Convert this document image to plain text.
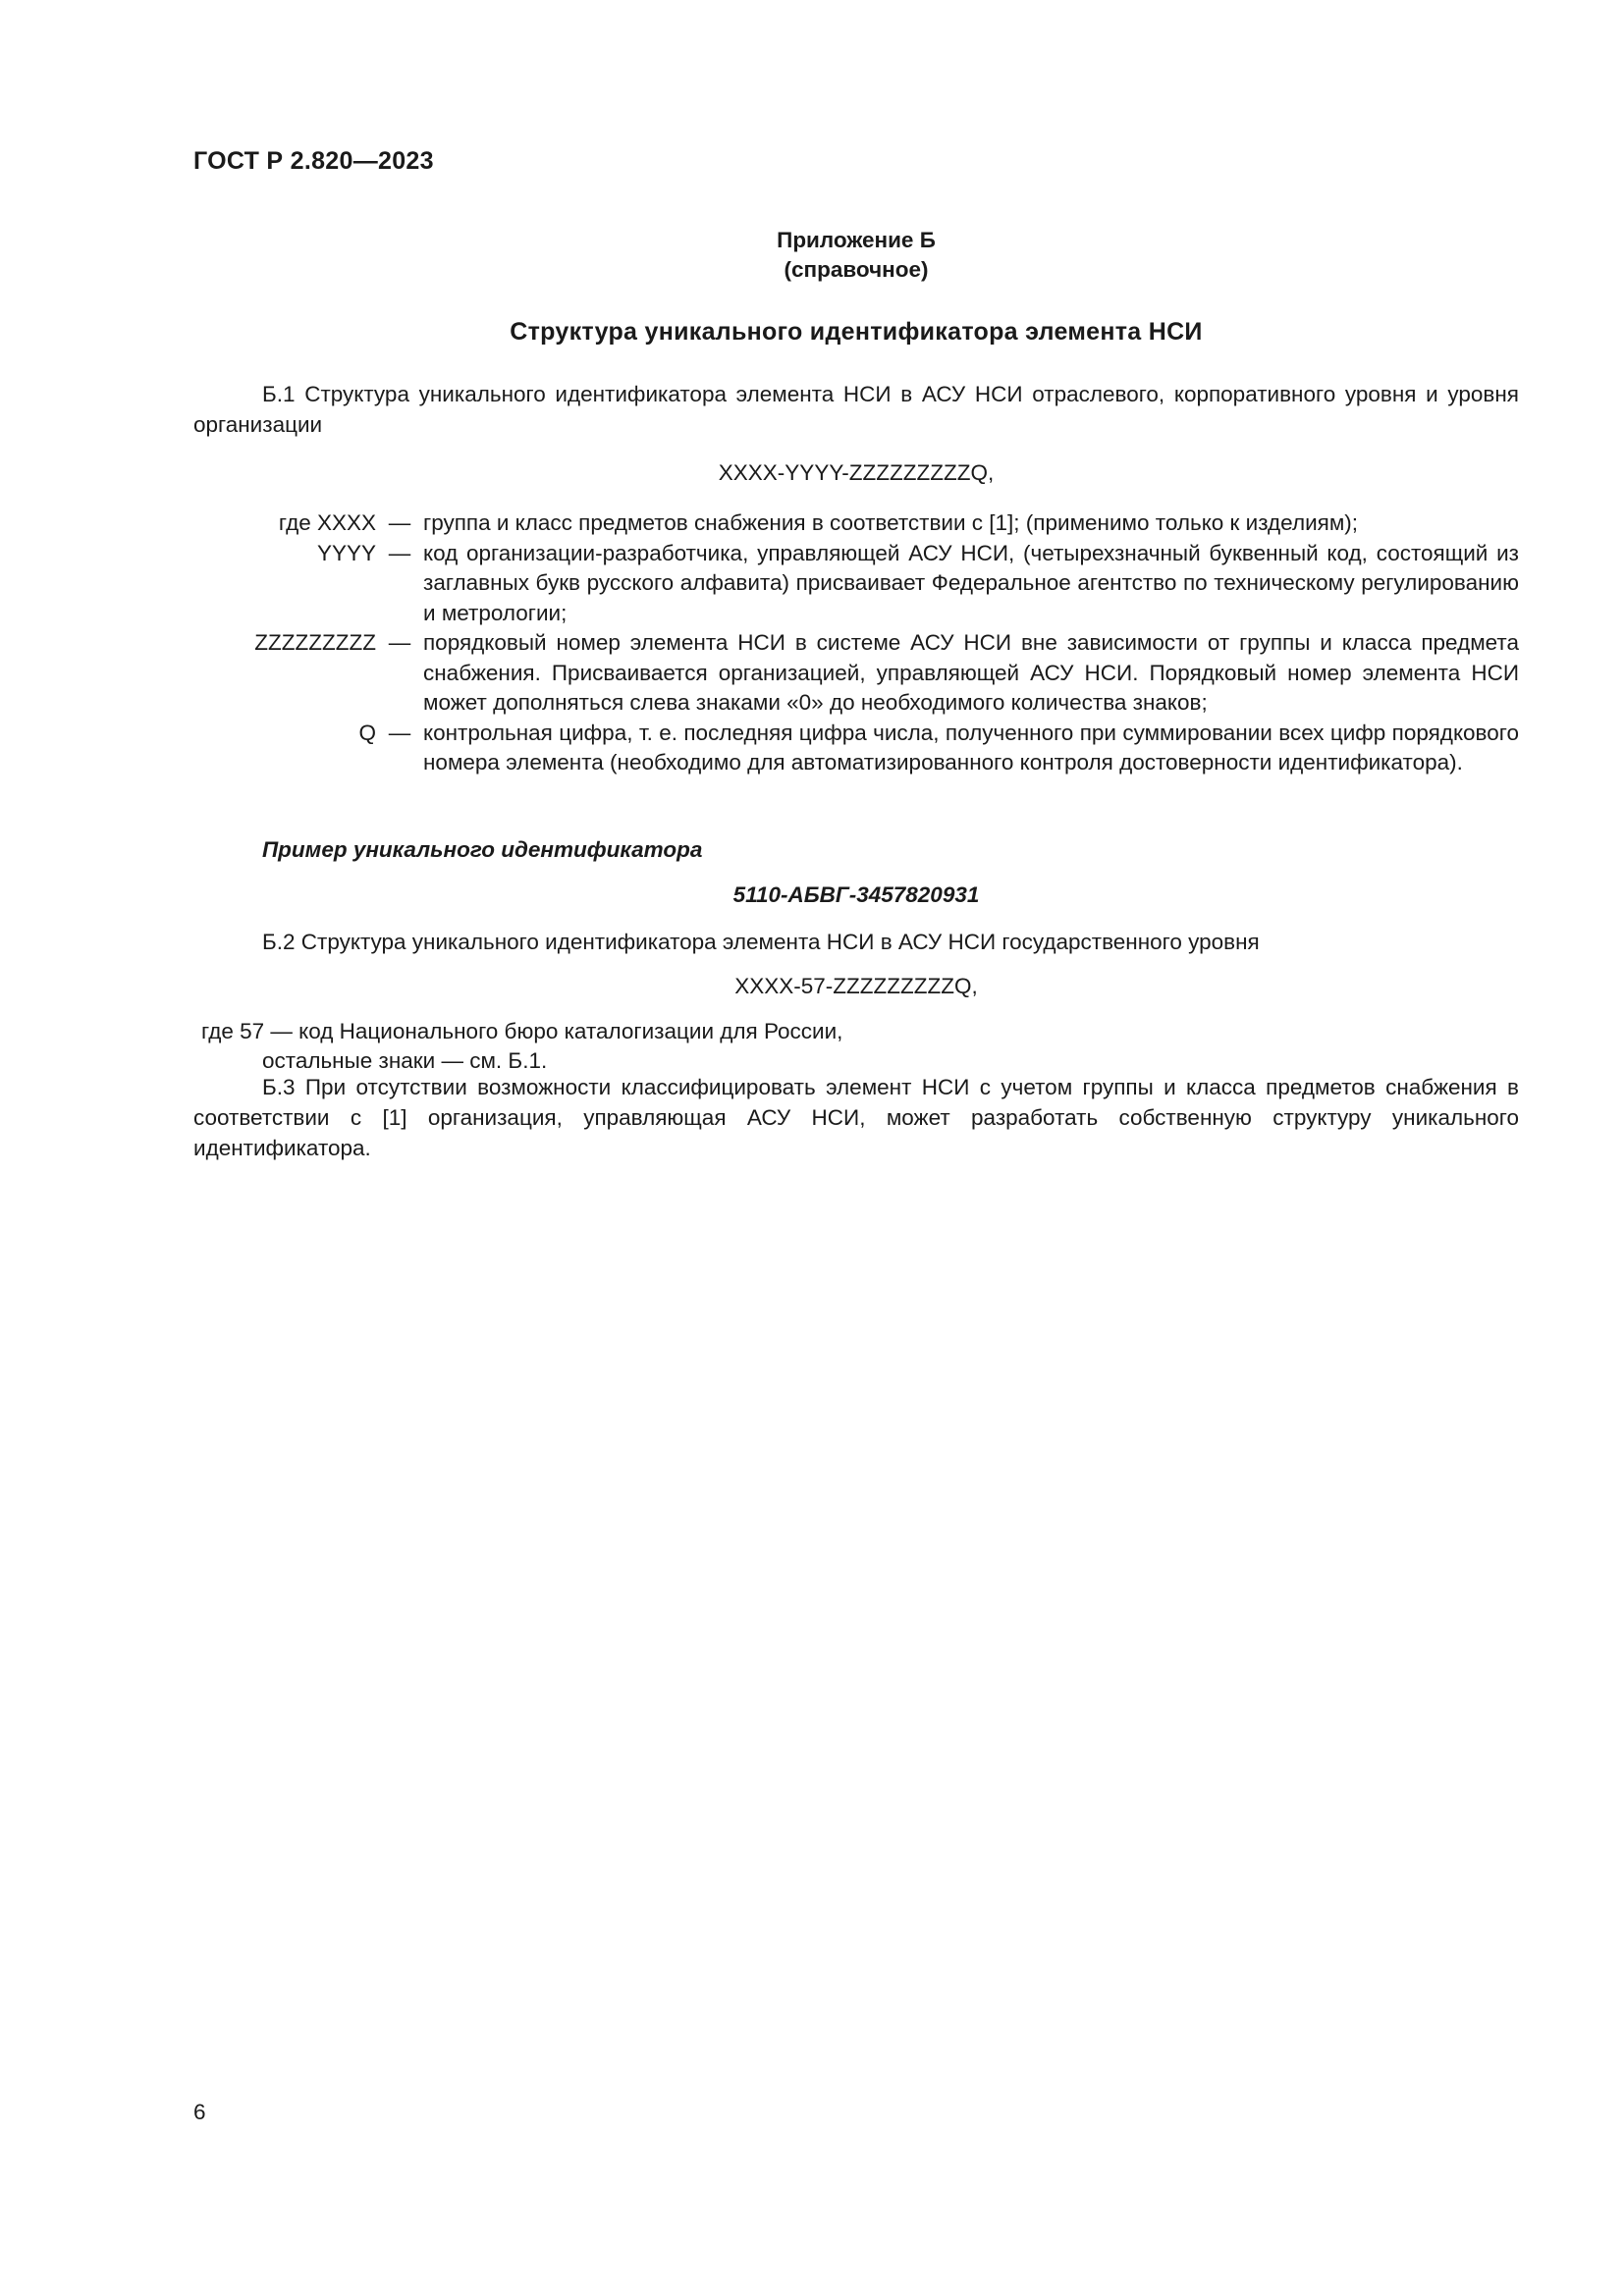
ГОСТ Р 2.820—2023
Приложение Б
(справочное)
Структура уникального идентификатора элемента НСИ

Б.1 Структура уникального идентификатора элемента НСИ в АСУ НСИ отраслевого, корпоративного уровня и уровня организации

XXXX-YYYY-ZZZZZZZZZQ,

где XXXX — группа и класс предметов снабжения в соответствии с [1]; (применимо только к изделиям);
YYYY — код организации-разработчика, управляющей АСУ НСИ, (четырехзначный буквенный код, состоящий из заглавных букв русского алфавита) присваивает Федеральное агентство по техническому регулированию и метрологии;
ZZZZZZZZZ — порядковый номер элемента НСИ в системе АСУ НСИ вне зависимости от группы и класса предмета снабжения. Присваивается организацией, управляющей АСУ НСИ. Порядковый номер элемента НСИ может дополняться слева знаками «0» до необходимого количества знаков;
Q — контрольная цифра, т. е. последняя цифра числа, полученного при суммировании всех цифр порядкового номера элемента (необходимо для автоматизированного контроля достоверности идентификатора).
Пример уникального идентификатора
5110-АБВГ-3457820931

Б.2 Структура уникального идентификатора элемента НСИ в АСУ НСИ государственного уровня

XXXX-57-ZZZZZZZZZQ,

где 57 — код Национального бюро каталогизации для России,
остальные знаки — см. Б.1.

Б.3 При отсутствии возможности классифицировать элемент НСИ с учетом группы и класса предметов снабжения в соответствии с [1] организация, управляющая АСУ НСИ, может разработать собственную структуру уникального идентификатора.

6
